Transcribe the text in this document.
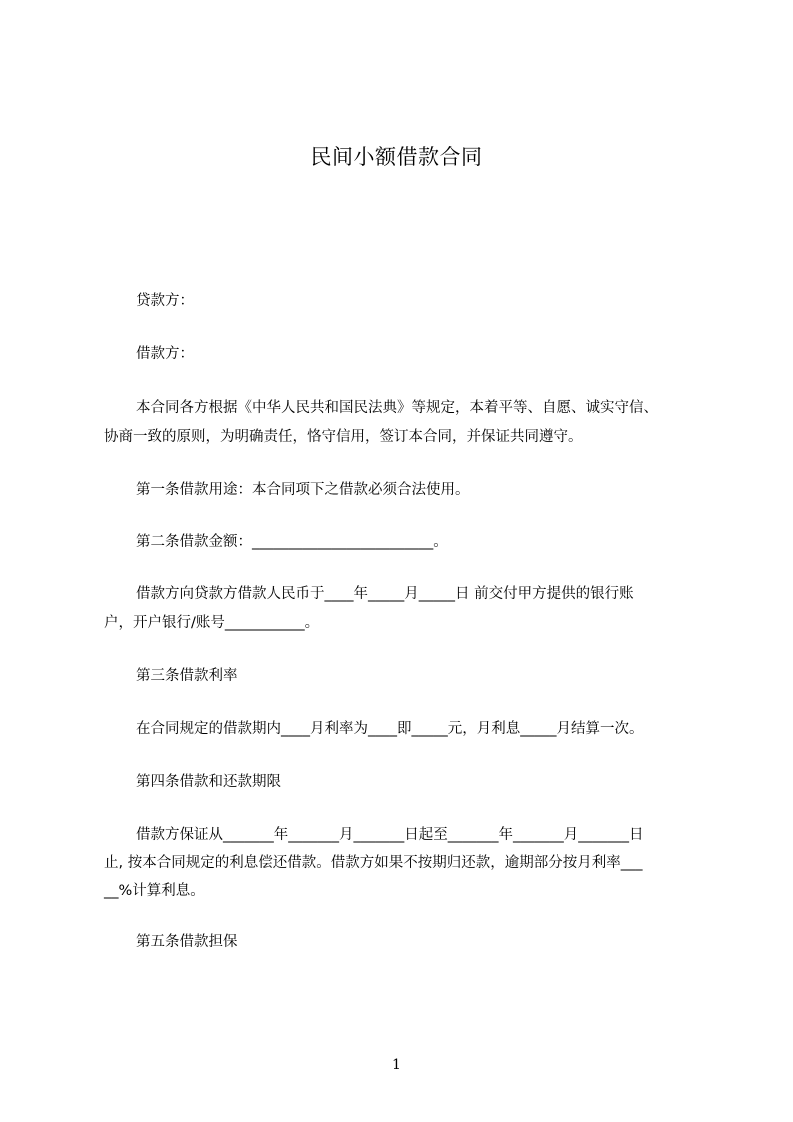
民间小额借款合同
贷款方：
借款方：
本合同各方根据《中华人民共和国民法典》等规定，本着平等、自愿、诚实守信、
协商一致的原则，为明确责任，恪守信用，签订本合同，并保证共同遵守。
第一条借款用途：本合同项下之借款必须合法使用。
第二条借款金额：_________________________。
借款方向贷款方借款人民币于____年_____月_____日 前交付甲方提供的银行账
户，开户银行/账号___________。
第三条借款利率
在合同规定的借款期内____月利率为____即_____元，月利息_____月结算一次。
第四条借款和还款期限
借款方保证从_______年_______月_______日起至_______年_______月_______日
止, 按本合同规定的利息偿还借款。借款方如果不按期归还款，逾期部分按月利率___
__%计算利息。
第五条借款担保
1
